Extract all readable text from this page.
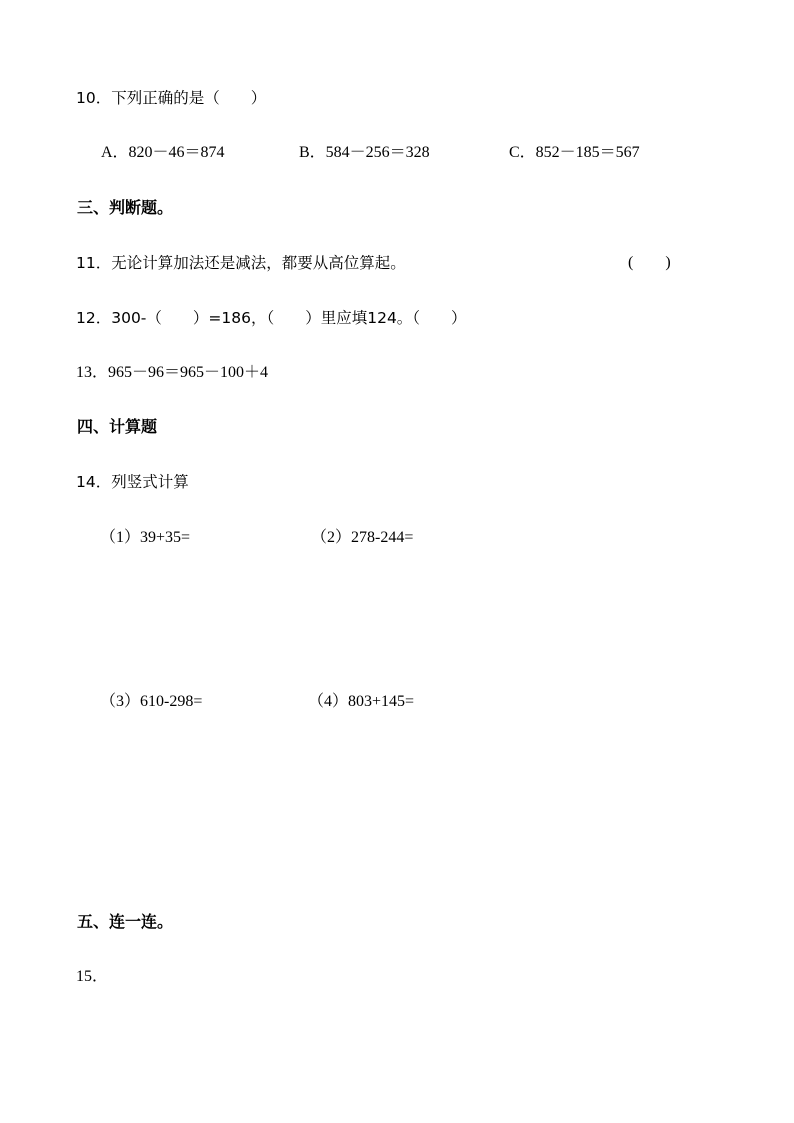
10．下列正确的是（　　）
A．820－46＝874	B．584－256＝328	C．852－185＝567
三、判断题。
11．无论计算加法还是减法，都要从高位算起。	(　　)
12．300-（　　）=186，（　　）里应填124。（　　）
13．965－96＝965－100＋4
四、计算题
14．列竖式计算
（1）39+35=	（2）278-244=
（3）610-298=	（4）803+145=
五、连一连。
15．
